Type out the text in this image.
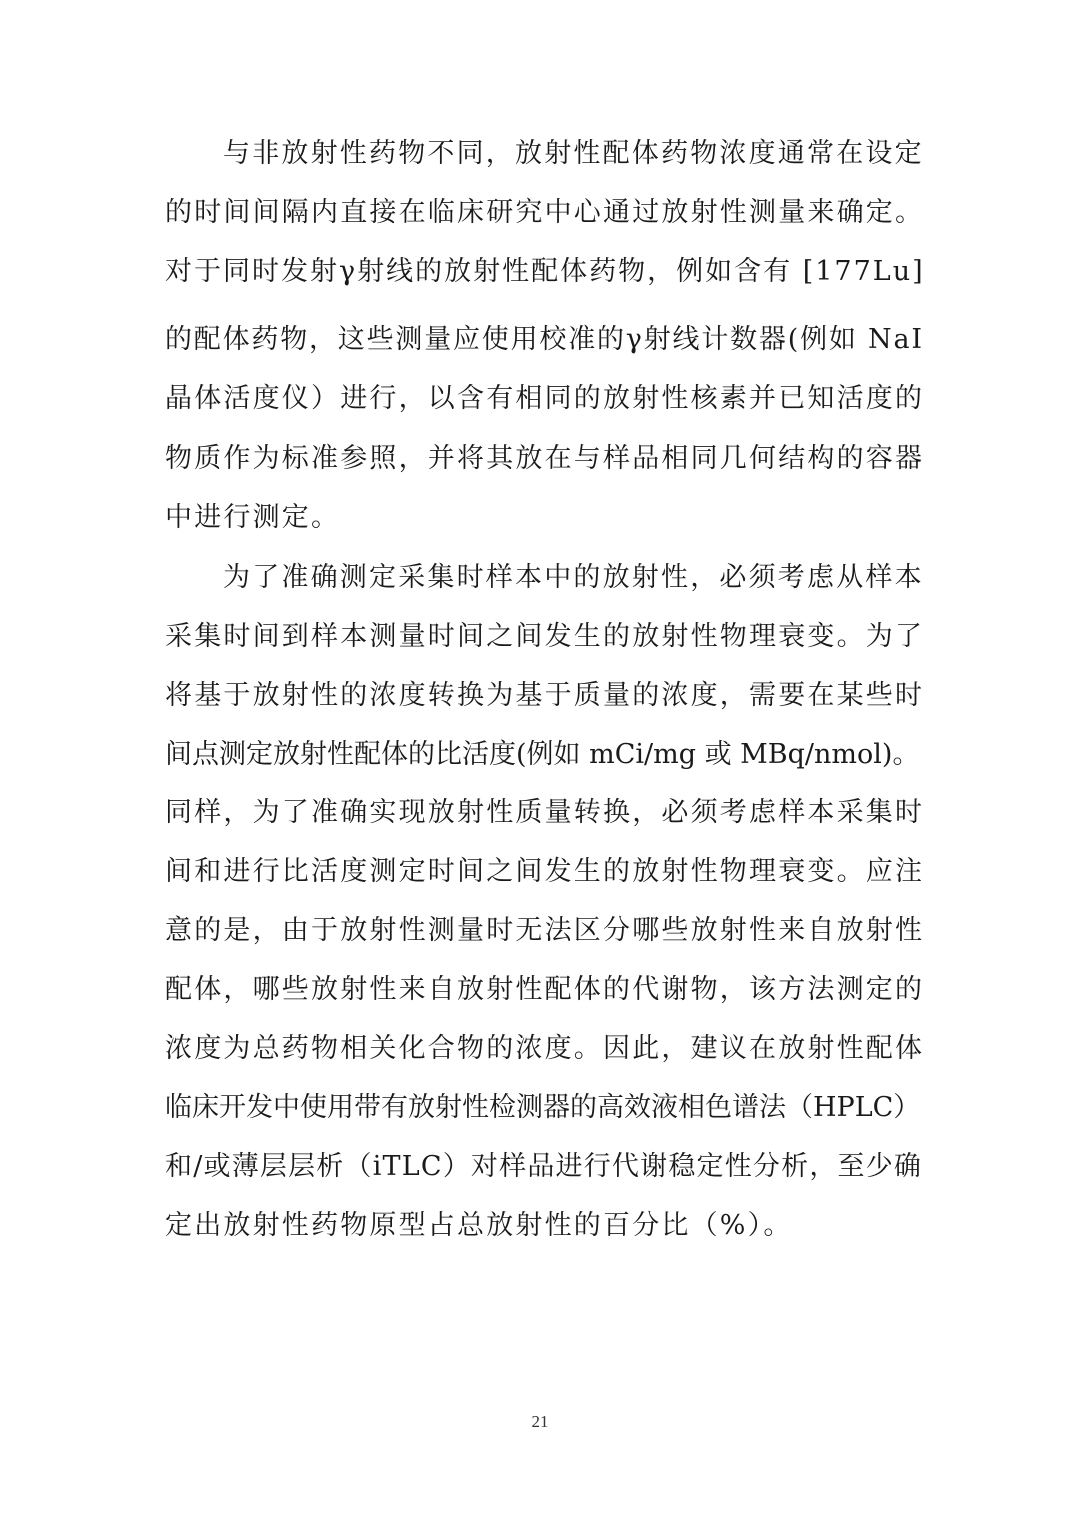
与非放射性药物不同，放射性配体药物浓度通常在设定
的时间间隔内直接在临床研究中心通过放射性测量来确定。
对于同时发射γ射线的放射性配体药物，例如含有 [177Lu]
的配体药物，这些测量应使用校准的γ射线计数器(例如 NaI
晶体活度仪）进行，以含有相同的放射性核素并已知活度的
物质作为标准参照，并将其放在与样品相同几何结构的容器
中进行测定。
为了准确测定采集时样本中的放射性，必须考虑从样本
采集时间到样本测量时间之间发生的放射性物理衰变。为了
将基于放射性的浓度转换为基于质量的浓度，需要在某些时
间点测定放射性配体的比活度(例如 mCi/mg 或 MBq/nmol)。
同样，为了准确实现放射性质量转换，必须考虑样本采集时
间和进行比活度测定时间之间发生的放射性物理衰变。应注
意的是，由于放射性测量时无法区分哪些放射性来自放射性
配体，哪些放射性来自放射性配体的代谢物，该方法测定的
浓度为总药物相关化合物的浓度。因此，建议在放射性配体
临床开发中使用带有放射性检测器的高效液相色谱法（HPLC）
和/或薄层层析（iTLC）对样品进行代谢稳定性分析，至少确
定出放射性药物原型占总放射性的百分比（%）。
21
